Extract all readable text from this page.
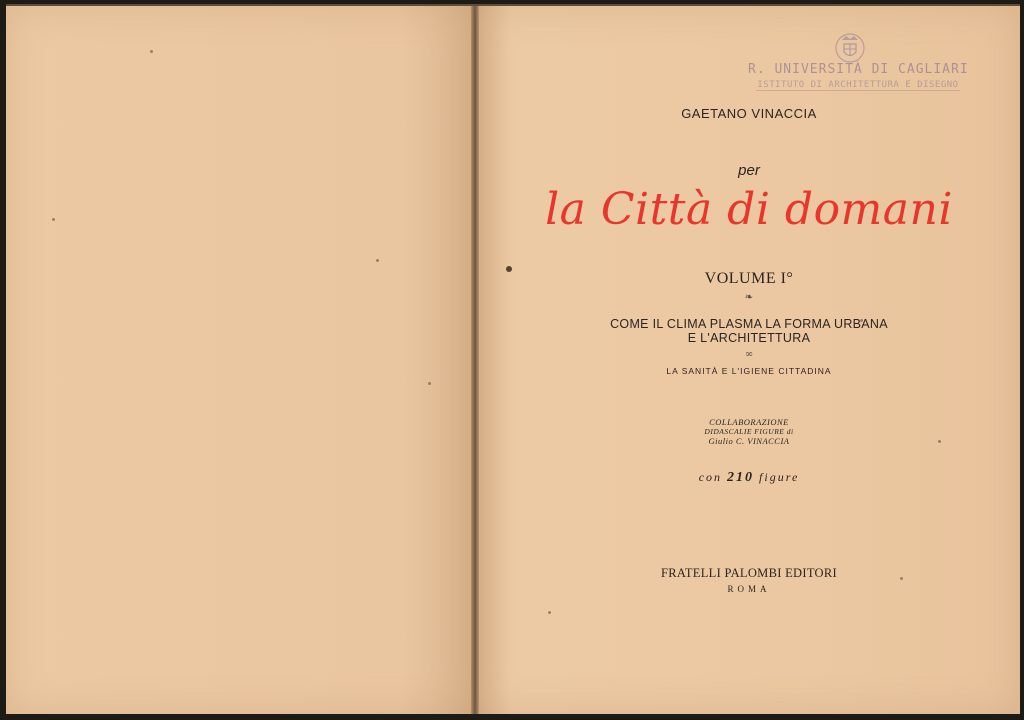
R. UNIVERSITÀ DI CAGLIARI
ISTITUTO DI ARCHITETTURA E DISEGNO
GAETANO VINACCIA
per
la Città di domani
VOLUME I°
❧
COME IL CLIMA PLASMA LA FORMA URBANA
E L'ARCHITETTURA
∞
LA SANITÀ E L'IGIENE CITTADINA
COLLABORAZIONE
DIDASCALIE FIGURE di
Giulio C. VINACCIA
con 210 figure
FRATELLI PALOMBI EDITORI
ROMA
